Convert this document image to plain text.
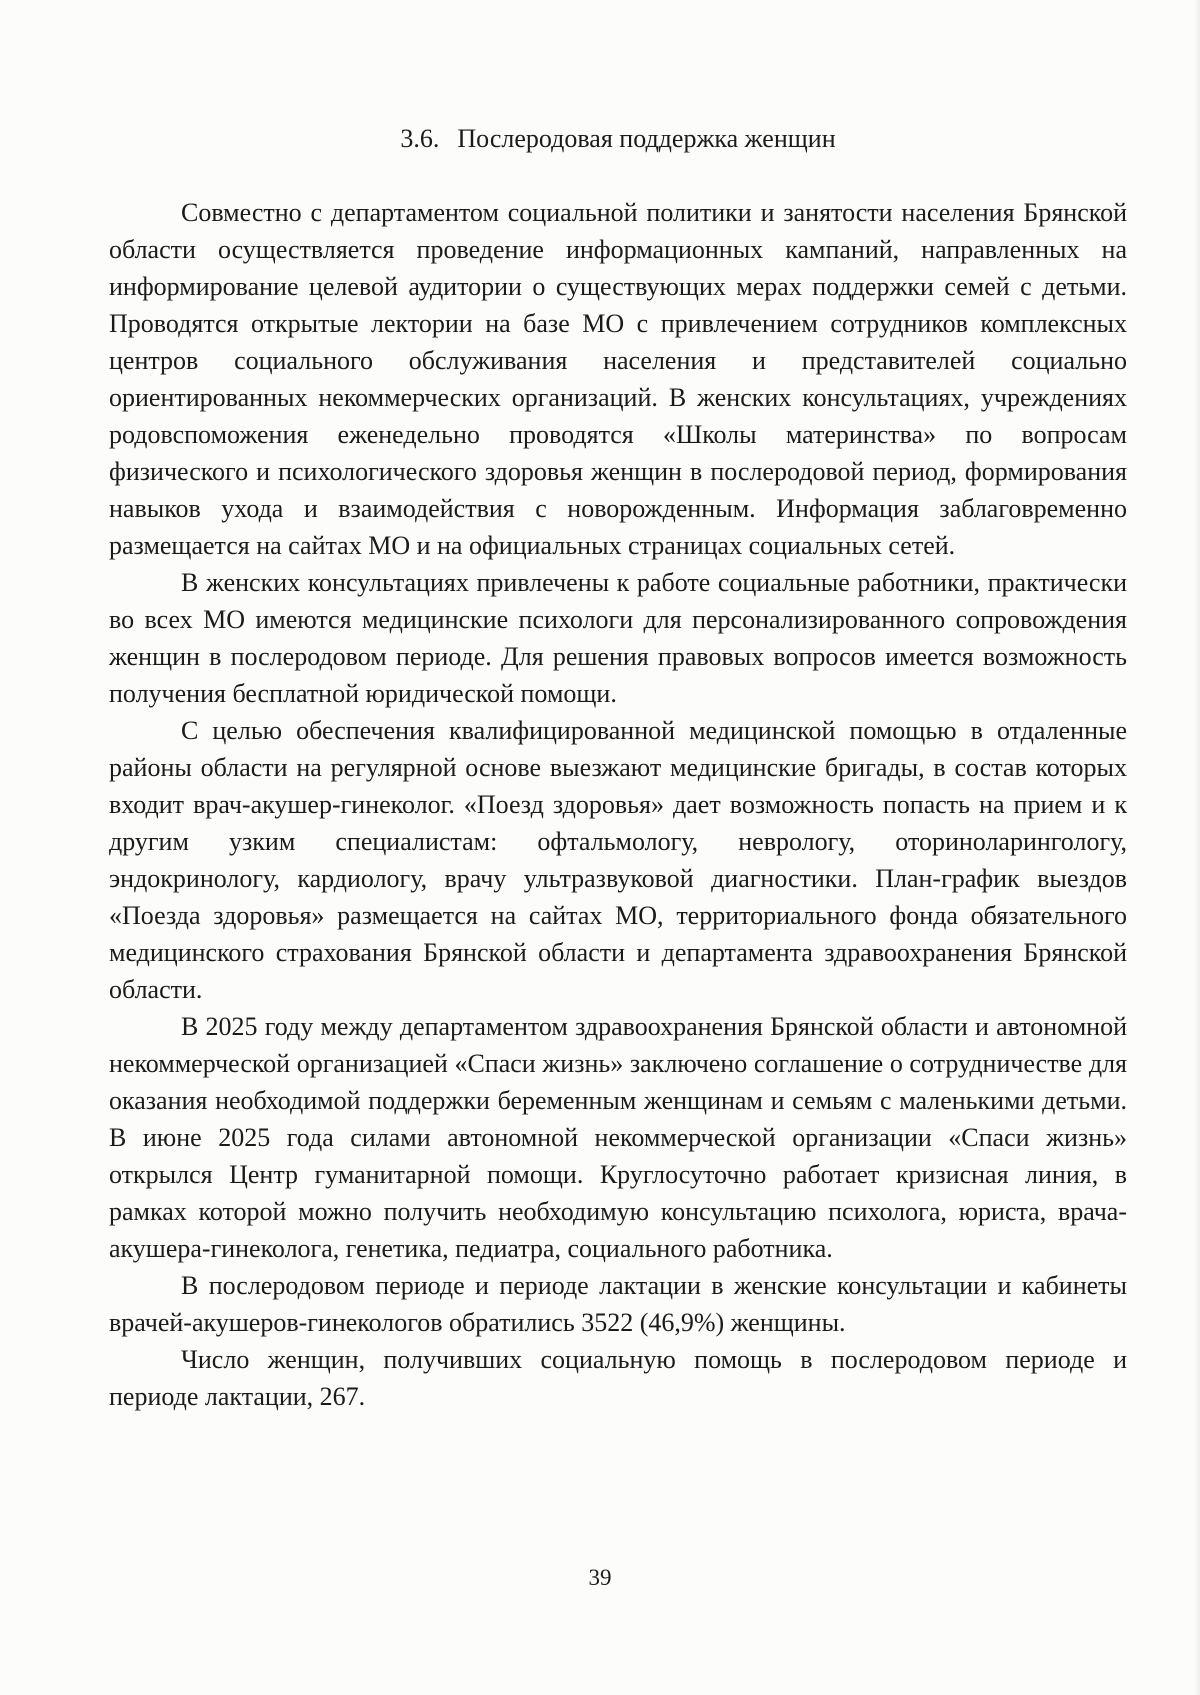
3.6. Послеродовая поддержка женщин

Совместно с департаментом социальной политики и занятости населения Брянской области осуществляется проведение информационных кампаний, направленных на информирование целевой аудитории о существующих мерах поддержки семей с детьми. Проводятся открытые лектории на базе МО с привлечением сотрудников комплексных центров социального обслуживания населения и представителей социально ориентированных некоммерческих организаций. В женских консультациях, учреждениях родовспоможения еженедельно проводятся «Школы материнства» по вопросам физического и психологического здоровья женщин в послеродовой период, формирования навыков ухода и взаимодействия с новорожденным. Информация заблаговременно размещается на сайтах МО и на официальных страницах социальных сетей.

В женских консультациях привлечены к работе социальные работники, практически во всех МО имеются медицинские психологи для персонализированного сопровождения женщин в послеродовом периоде. Для решения правовых вопросов имеется возможность получения бесплатной юридической помощи.

С целью обеспечения квалифицированной медицинской помощью в отдаленные районы области на регулярной основе выезжают медицинские бригады, в состав которых входит врач-акушер-гинеколог. «Поезд здоровья» дает возможность попасть на прием и к другим узким специалистам: офтальмологу, неврологу, оториноларингологу, эндокринологу, кардиологу, врачу ультразвуковой диагностики. План-график выездов «Поезда здоровья» размещается на сайтах МО, территориального фонда обязательного медицинского страхования Брянской области и департамента здравоохранения Брянской области.

В 2025 году между департаментом здравоохранения Брянской области и автономной некоммерческой организацией «Спаси жизнь» заключено соглашение о сотрудничестве для оказания необходимой поддержки беременным женщинам и семьям с маленькими детьми. В июне 2025 года силами автономной некоммерческой организации «Спаси жизнь» открылся Центр гуманитарной помощи. Круглосуточно работает кризисная линия, в рамках которой можно получить необходимую консультацию психолога, юриста, врача-акушера-гинеколога, генетика, педиатра, социального работника.

В послеродовом периоде и периоде лактации в женские консультации и кабинеты врачей-акушеров-гинекологов обратились 3522 (46,9%) женщины.

Число женщин, получивших социальную помощь в послеродовом периоде и периоде лактации, 267.

39
